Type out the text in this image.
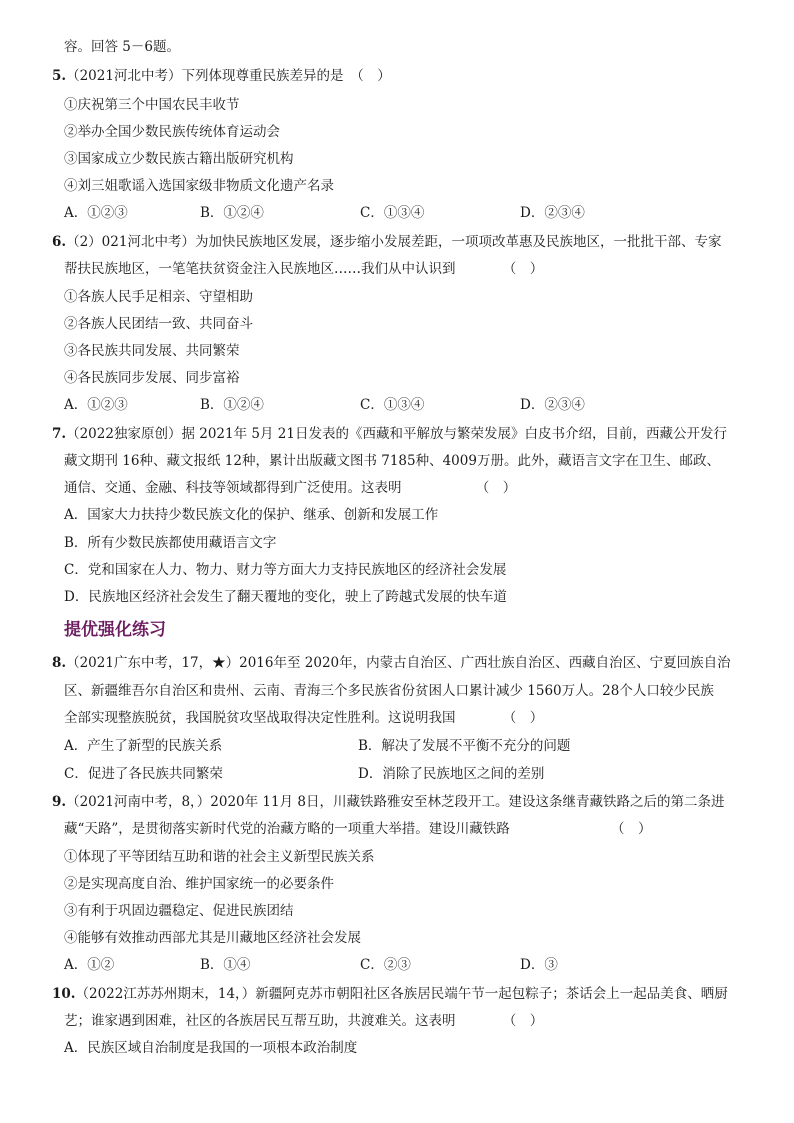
容。回答 5－6题。
5.（2021河北中考）下列体现尊重民族差异的是　（　）
①庆祝第三个中国农民丰收节
②举办全国少数民族传统体育运动会
③国家成立少数民族古籍出版研究机构
④刘三姐歌谣入选国家级非物质文化遗产名录
A．①②③	B．①②④	C．①③④	D．②③④
6.（2）021河北中考）为加快民族地区发展，逐步缩小发展差距，一项项改革惠及民族地区，一批批干部、专家
帮扶民族地区，一笔笔扶贫资金注入民族地区……我们从中认识到　　　　（　）
①各族人民手足相亲、守望相助
②各族人民团结一致、共同奋斗
③各民族共同发展、共同繁荣
④各民族同步发展、同步富裕
A．①②③	B．①②④	C．①③④	D．②③④
7.（2022独家原创）据 2021年 5月 21日发表的《西藏和平解放与繁荣发展》白皮书介绍，目前，西藏公开发行
藏文期刊 16种、藏文报纸 12种，累计出版藏文图书 7185种、4009万册。此外，藏语言文字在卫生、邮政、
通信、交通、金融、科技等领域都得到广泛使用。这表明　　　　　　（　）
A．国家大力扶持少数民族文化的保护、继承、创新和发展工作
B．所有少数民族都使用藏语言文字
C．党和国家在人力、物力、财力等方面大力支持民族地区的经济社会发展
D．民族地区经济社会发生了翻天覆地的变化，驶上了跨越式发展的快车道
提优强化练习
8.（2021广东中考，17，★）2016年至 2020年，内蒙古自治区、广西壮族自治区、西藏自治区、宁夏回族自治
区、新疆维吾尔自治区和贵州、云南、青海三个多民族省份贫困人口累计减少 1560万人。28个人口较少民族
全部实现整族脱贫，我国脱贫攻坚战取得决定性胜利。这说明我国　　　　（　）
A．产生了新型的民族关系	B．解决了发展不平衡不充分的问题
C．促进了各民族共同繁荣	D．消除了民族地区之间的差别
9.（2021河南中考，8，）2020年 11月 8日，川藏铁路雅安至林芝段开工。建设这条继青藏铁路之后的第二条进
藏“天路”，是贯彻落实新时代党的治藏方略的一项重大举措。建设川藏铁路　　　　　　　　（　）
①体现了平等团结互助和谐的社会主义新型民族关系
②是实现高度自治、维护国家统一的必要条件
③有利于巩固边疆稳定、促进民族团结
④能够有效推动西部尤其是川藏地区经济社会发展
A．①②	B．①④	C．②③	D．③
10.（2022江苏苏州期末，14，）新疆阿克苏市朝阳社区各族居民端午节一起包粽子；茶话会上一起品美食、晒厨
艺；谁家遇到困难，社区的各族居民互帮互助，共渡难关。这表明　　　　（　）
A．民族区域自治制度是我国的一项根本政治制度
